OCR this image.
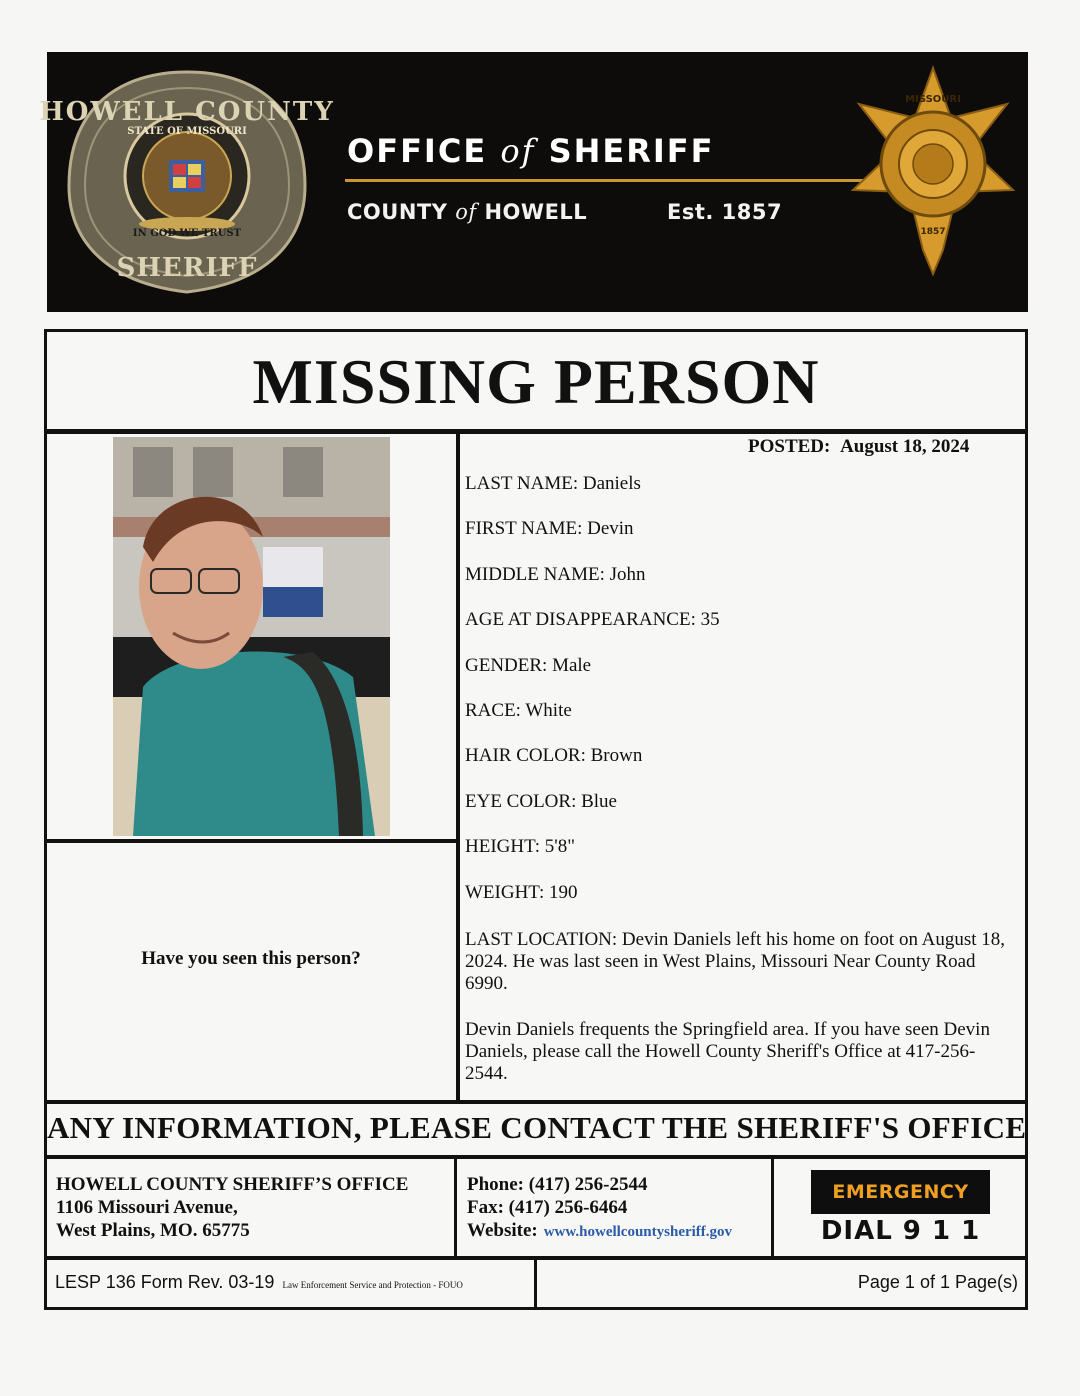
HOWELL COUNTY
SHERIFF
STATE OF MISSOURI
IN GOD WE TRUST
OFFICE of SHERIFF
COUNTY of HOWELL	Est. 1857
MISSOURI
1857
MISSING PERSON
Have you seen this person?
POSTED: August 18, 2024
LAST NAME: Daniels
FIRST NAME: Devin
MIDDLE NAME: John
AGE AT DISAPPEARANCE: 35
GENDER: Male
RACE: White
HAIR COLOR: Brown
EYE COLOR: Blue
HEIGHT: 5'8"
WEIGHT: 190
LAST LOCATION: Devin Daniels left his home on foot on August 18, 2024. He was last seen in West Plains, Missouri Near County Road 6990.
Devin Daniels frequents the Springfield area. If you have seen Devin Daniels, please call the Howell County Sheriff's Office at 417-256-2544.
ANY INFORMATION, PLEASE CONTACT THE SHERIFF'S OFFICE
HOWELL COUNTY SHERIFF’S OFFICE
1106 Missouri Avenue,
West Plains, MO. 65775
Phone: (417) 256-2544
Fax: (417) 256-6464
Website: www.howellcountysheriff.gov
EMERGENCY
DIAL 9 1 1
LESP 136 Form Rev. 03-19 Law Enforcement Service and Protection - FOUO	Page 1 of 1 Page(s)
